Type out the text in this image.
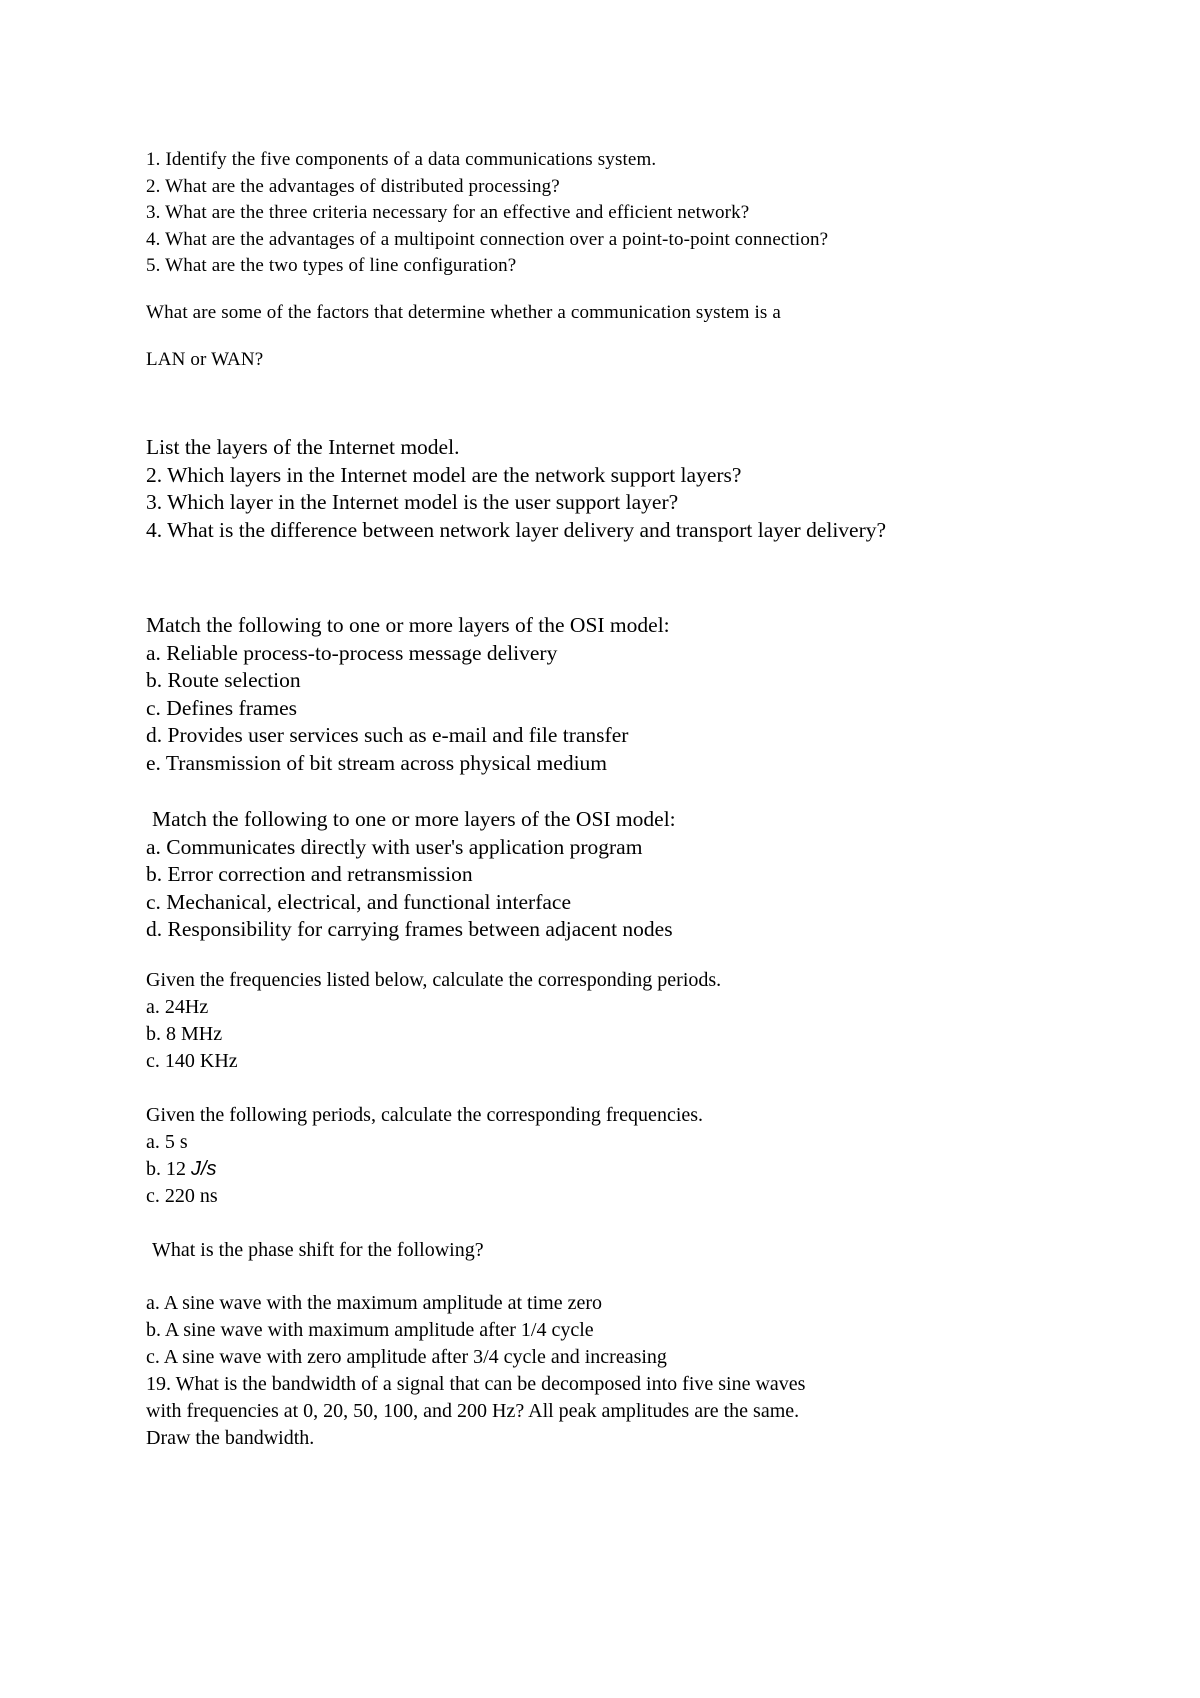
1. Identify the five components of a data communications system.
2. What are the advantages of distributed processing?
3. What are the three criteria necessary for an effective and efficient network?
4. What are the advantages of a multipoint connection over a point-to-point connection?
5. What are the two types of line configuration?
What are some of the factors that determine whether a communication system is a
LAN or WAN?
List the layers of the Internet model.
2. Which layers in the Internet model are the network support layers?
3. Which layer in the Internet model is the user support layer?
4. What is the difference between network layer delivery and transport layer delivery?
Match the following to one or more layers of the OSI model:
a. Reliable process-to-process message delivery
b. Route selection
c. Defines frames
d. Provides user services such as e-mail and file transfer
e. Transmission of bit stream across physical medium
Match the following to one or more layers of the OSI model:
a. Communicates directly with user's application program
b. Error correction and retransmission
c. Mechanical, electrical, and functional interface
d. Responsibility for carrying frames between adjacent nodes
Given the frequencies listed below, calculate the corresponding periods.
a. 24Hz
b. 8 MHz
c. 140 KHz
Given the following periods, calculate the corresponding frequencies.
a. 5 s
b. 12 J/s
c. 220 ns
What is the phase shift for the following?
a. A sine wave with the maximum amplitude at time zero
b. A sine wave with maximum amplitude after 1/4 cycle
c. A sine wave with zero amplitude after 3/4 cycle and increasing
19. What is the bandwidth of a signal that can be decomposed into five sine waves
with frequencies at 0, 20, 50, 100, and 200 Hz? All peak amplitudes are the same.
Draw the bandwidth.
